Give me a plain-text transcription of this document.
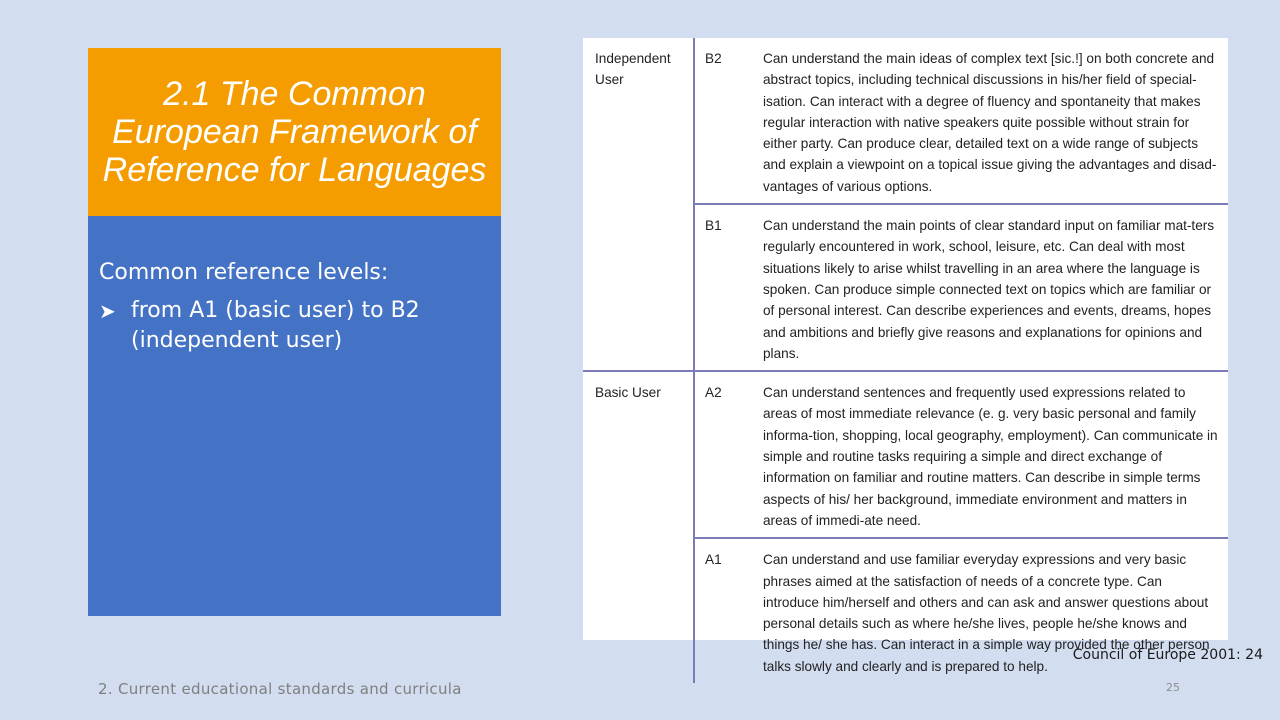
2.1 The Common European Framework of Reference for Languages

Common reference levels:

➤ from A1 (basic user) to B2 (independent user)
Independent User	B2	Can understand the main ideas of complex text [sic.!] on both concrete and abstract topics, including technical discussions in his/her field of special-isation. Can interact with a degree of fluency and spontaneity that makes regular interaction with native speakers quite possible without strain for either party. Can produce clear, detailed text on a wide range of subjects and explain a viewpoint on a topical issue giving the advantages and disad-vantages of various options.
	B1	Can understand the main points of clear standard input on familiar mat-ters regularly encountered in work, school, leisure, etc. Can deal with most situations likely to arise whilst travelling in an area where the language is spoken. Can produce simple connected text on topics which are familiar or of personal interest. Can describe experiences and events, dreams, hopes and ambitions and briefly give reasons and explanations for opinions and plans.
Basic User	A2	Can understand sentences and frequently used expressions related to areas of most immediate relevance (e. g. very basic personal and family informa-tion, shopping, local geography, employment). Can communicate in simple and routine tasks requiring a simple and direct exchange of information on familiar and routine matters. Can describe in simple terms aspects of his/ her background, immediate environment and matters in areas of immedi-ate need.
	A1	Can understand and use familiar everyday expressions and very basic phrases aimed at the satisfaction of needs of a concrete type. Can introduce him/herself and others and can ask and answer questions about personal details such as where he/she lives, people he/she knows and things he/ she has. Can interact in a simple way provided the other person talks slowly and clearly and is prepared to help.
Council of Europe 2001: 24
2. Current educational standards and curricula	25
